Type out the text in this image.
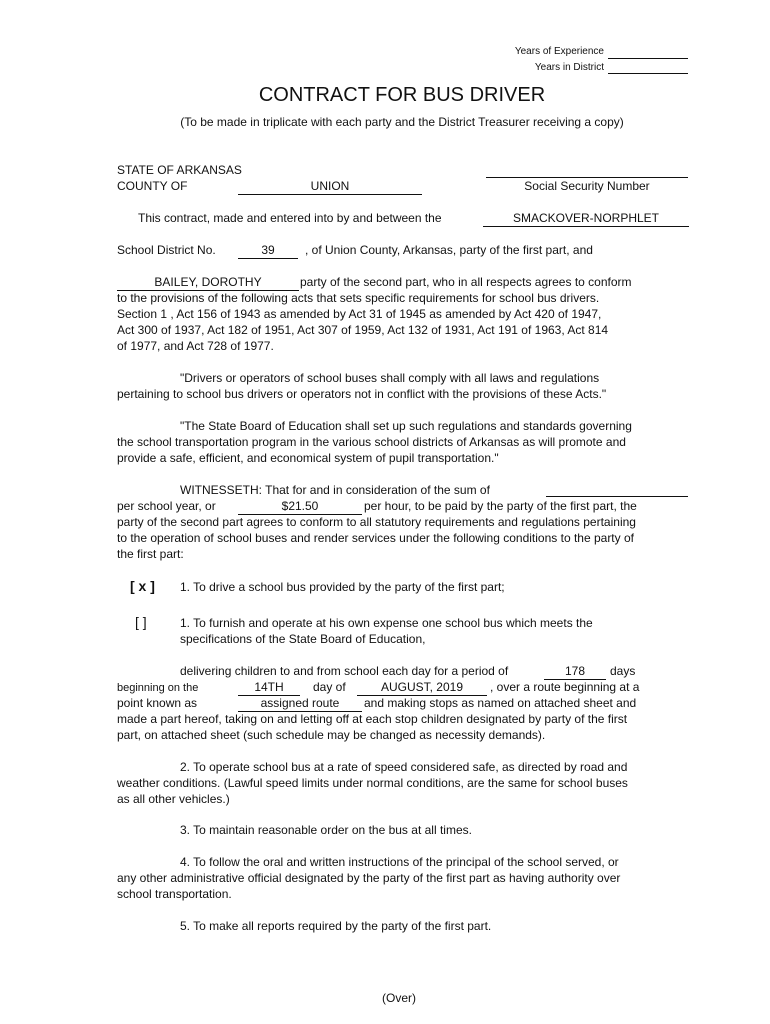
Years of Experience
Years in District
CONTRACT FOR BUS DRIVER
(To be made in triplicate with each party and the District Treasurer receiving a copy)
STATE OF ARKANSAS
COUNTY OF	UNION	Social Security Number
This contract, made and entered into by and between the	SMACKOVER-NORPHLET
School District No.	39	, of Union County, Arkansas, party of the first part, and
BAILEY, DOROTHY	party of the second part, who in all respects agrees to conform
to the provisions of the following acts that sets specific requirements for school bus drivers.
Section 1 , Act 156 of 1943 as amended by Act 31 of 1945 as amended by Act 420 of 1947,
Act 300 of 1937, Act 182 of 1951, Act 307 of 1959, Act 132 of 1931, Act 191 of 1963, Act 814
of 1977, and Act 728 of 1977.
"Drivers or operators of school buses shall comply with all laws and regulations
pertaining to school bus drivers or operators not in conflict with the provisions of these Acts."
"The State Board of Education shall set up such regulations and standards governing
the school transportation program in the various school districts of Arkansas as will promote and
provide a safe, efficient, and economical system of pupil transportation."
WITNESSETH: That for and in consideration of the sum of
per school year, or	$21.50	per hour, to be paid by the party of the first part, the
party of the second part agrees to conform to all statutory requirements and regulations pertaining
to the operation of school buses and render services under the following conditions to the party of
the first part:
[ x ] 1. To drive a school bus provided by the party of the first part;
[ ]	1. To furnish and operate at his own expense one school bus which meets the
specifications of the State Board of Education,
delivering children to and from school each day for a period of	178	days
beginning on the	14TH	day of	AUGUST, 2019	, over a route beginning at a
point known as	assigned route	and making stops as named on attached sheet and
made a part hereof, taking on and letting off at each stop children designated by party of the first
part, on attached sheet (such schedule may be changed as necessity demands).
2. To operate school bus at a rate of speed considered safe, as directed by road and
weather conditions. (Lawful speed limits under normal conditions, are the same for school buses
as all other vehicles.)
3. To maintain reasonable order on the bus at all times.
4. To follow the oral and written instructions of the principal of the school served, or
any other administrative official designated by the party of the first part as having authority over
school transportation.
5. To make all reports required by the party of the first part.
(Over)
